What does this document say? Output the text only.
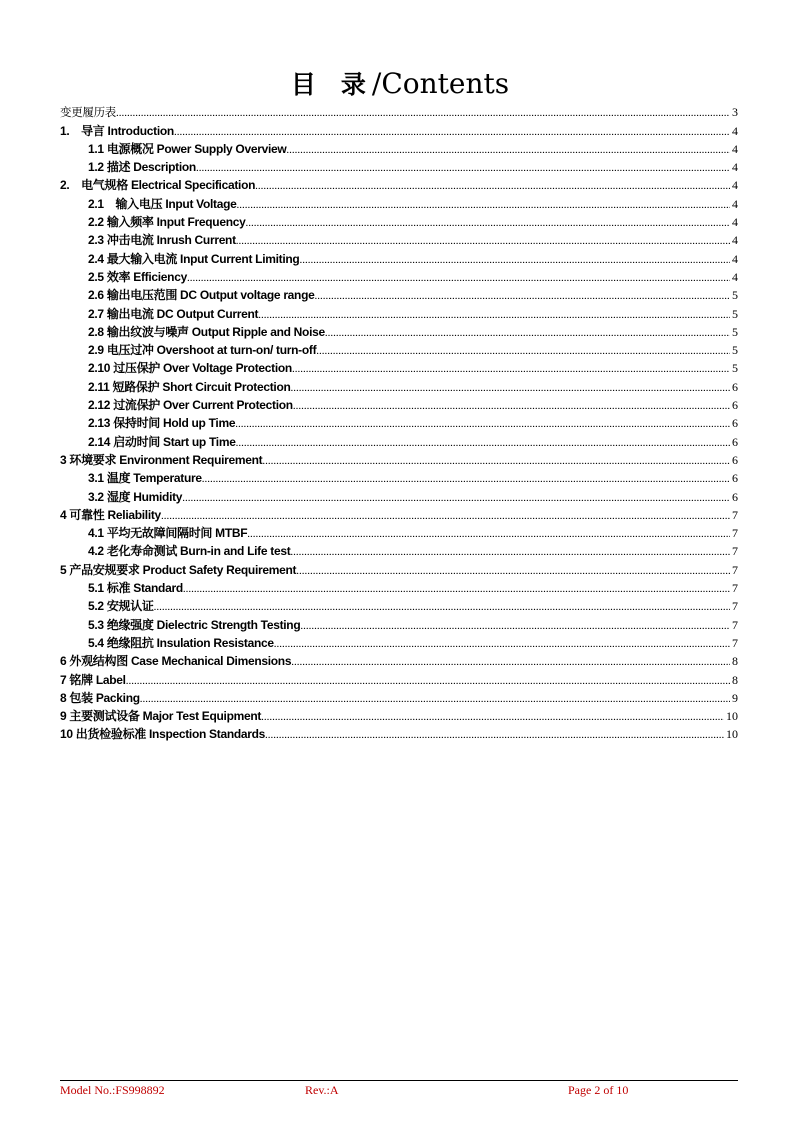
目　录 /Contents
变更履历表 .....	3
1.　导言 Introduction .....	4
1.1 电源概况 Power Supply Overview .....	4
1.2 描述 Description .....	4
2.　电气规格 Electrical Specification .....	4
2.1　输入电压 Input Voltage .....	4
2.2 输入频率 Input Frequency .....	4
2.3 冲击电流 Inrush Current .....	4
2.4 最大输入电流 Input Current Limiting .....	4
2.5 效率 Efficiency .....	4
2.6 输出电压范围 DC Output voltage range .....	5
2.7 输出电流 DC Output Current .....	5
2.8 输出纹波与噪声 Output Ripple and Noise .....	5
2.9 电压过冲 Overshoot at turn-on/ turn-off .....	5
2.10 过压保护 Over Voltage Protection .....	5
2.11 短路保护 Short Circuit Protection .....	6
2.12 过流保护 Over Current Protection .....	6
2.13 保持时间 Hold up Time .....	6
2.14 启动时间 Start up Time .....	6
3 环境要求 Environment Requirement .....	6
3.1 温度 Temperature .....	6
3.2 湿度 Humidity .....	6
4 可靠性 Reliability .....	7
4.1 平均无故障间隔时间 MTBF .....	7
4.2 老化寿命测试 Burn-in and Life test .....	7
5 产品安规要求 Product Safety Requirement .....	7
5.1 标准 Standard .....	7
5.2 安规认证 .....	7
5.3 绝缘强度 Dielectric Strength Testing .....	7
5.4 绝缘阻抗 Insulation Resistance .....	7
6 外观结构图 Case Mechanical Dimensions .....	8
7 铭牌 Label .....	8
8 包装 Packing .....	9
9 主要测试设备 Major Test Equipment .....	10
10 出货检验标准 Inspection Standards .....	10
Model No.:FS998892	Rev.:A	Page 2 of 10
